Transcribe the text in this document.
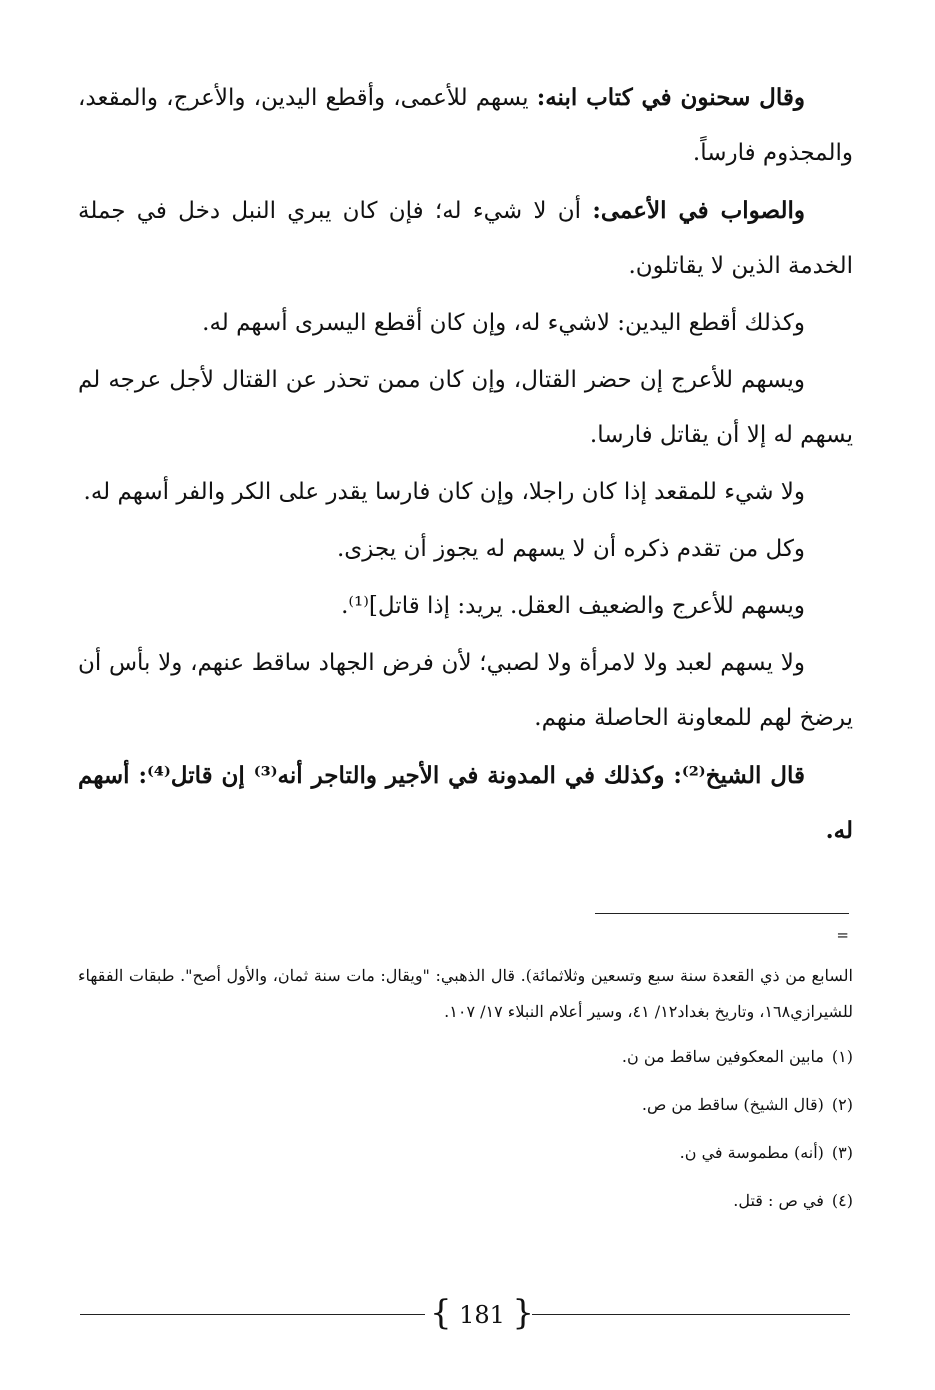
وقال سحنون في كتاب ابنه: يسهم للأعمى، وأقطع اليدين، والأعرج، والمقعد، والمجذوم فارساً.

والصواب في الأعمى: أن لا شيء له؛ فإن كان يبري النبل دخل في جملة الخدمة الذين لا يقاتلون.

وكذلك أقطع اليدين: لاشيء له، وإن كان أقطع اليسرى أسهم له.

ويسهم للأعرج إن حضر القتال، وإن كان ممن تحذر عن القتال لأجل عرجه لم يسهم له إلا أن يقاتل فارسا.

ولا شيء للمقعد إذا كان راجلا، وإن كان فارسا يقدر على الكر والفر أسهم له.

وكل من تقدم ذكره أن لا يسهم له يجوز أن يجزى.

ويسهم للأعرج والضعيف العقل. يريد: إذا قاتل]⁽¹⁾.

ولا يسهم لعبد ولا لامرأة ولا لصبي؛ لأن فرض الجهاد ساقط عنهم، ولا بأس أن يرضخ لهم للمعاونة الحاصلة منهم.

قال الشيخ⁽²⁾: وكذلك في المدونة في الأجير والتاجر أنه⁽³⁾ إن قاتل⁽⁴⁾: أسهم له.

=

السابع من ذي القعدة سنة سبع وتسعين وثلاثمائة). قال الذهبي: "ويقال: مات سنة ثمان، والأول أصح". طبقات الفقهاء للشيرازي١٦٨، وتاريخ بغداد١٢/ ٤١، وسير أعلام النبلاء ١٧/ ١٠٧.

(١)مابين المعكوفين ساقط من ن.
(٢)(قال الشيخ) ساقط من ص.
(٣)(أنه) مطموسة في ن.
(٤)في ص : قتل.
{ 181 }
